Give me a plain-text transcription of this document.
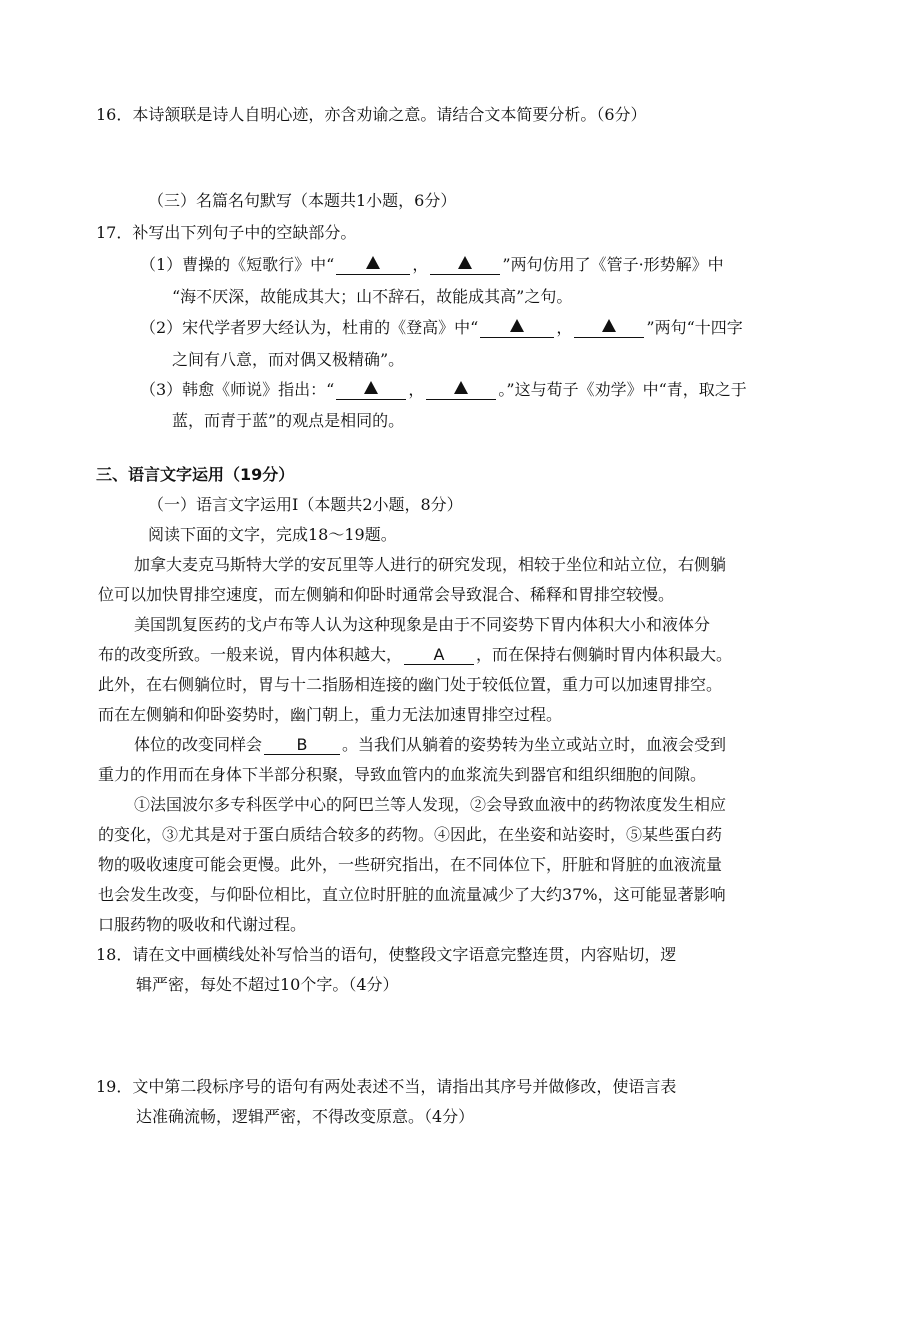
16．本诗颔联是诗人自明心迹，亦含劝谕之意。请结合文本简要分析。（6分）
（三）名篇名句默写（本题共1小题，6分）
17．补写出下列句子中的空缺部分。
（1）曹操的《短歌行》中“	，	”两句仿用了《管子·形势解》中
“海不厌深，故能成其大；山不辞石，故能成其高”之句。
（2）宋代学者罗大经认为，杜甫的《登高》中“	，	”两句“十四字
之间有八意，而对偶又极精确”。
（3）韩愈《师说》指出：“	，	。”这与荀子《劝学》中“青，取之于
蓝，而青于蓝”的观点是相同的。
三、语言文字运用（19分）
（一）语言文字运用Ⅰ（本题共2小题，8分）
阅读下面的文字，完成18～19题。
加拿大麦克马斯特大学的安瓦里等人进行的研究发现，相较于坐位和站立位，右侧躺
位可以加快胃排空速度，而左侧躺和仰卧时通常会导致混合、稀释和胃排空较慢。
美国凯复医药的戈卢布等人认为这种现象是由于不同姿势下胃内体积大小和液体分
布的改变所致。一般来说，胃内体积越大， A ，而在保持右侧躺时胃内体积最大。
此外，在右侧躺位时，胃与十二指肠相连接的幽门处于较低位置，重力可以加速胃排空。
而在左侧躺和仰卧姿势时，幽门朝上，重力无法加速胃排空过程。
体位的改变同样会 B 。当我们从躺着的姿势转为坐立或站立时，血液会受到
重力的作用而在身体下半部分积聚，导致血管内的血浆流失到器官和组织细胞的间隙。
①法国波尔多专科医学中心的阿巴兰等人发现，②会导致血液中的药物浓度发生相应
的变化，③尤其是对于蛋白质结合较多的药物。④因此，在坐姿和站姿时，⑤某些蛋白药
物的吸收速度可能会更慢。此外，一些研究指出，在不同体位下，肝脏和肾脏的血液流量
也会发生改变，与仰卧位相比，直立位时肝脏的血流量减少了大约37%，这可能显著影响
口服药物的吸收和代谢过程。
18．请在文中画横线处补写恰当的语句，使整段文字语意完整连贯，内容贴切，逻
辑严密，每处不超过10个字。（4分）
19．文中第二段标序号的语句有两处表述不当，请指出其序号并做修改，使语言表
达准确流畅，逻辑严密，不得改变原意。（4分）
